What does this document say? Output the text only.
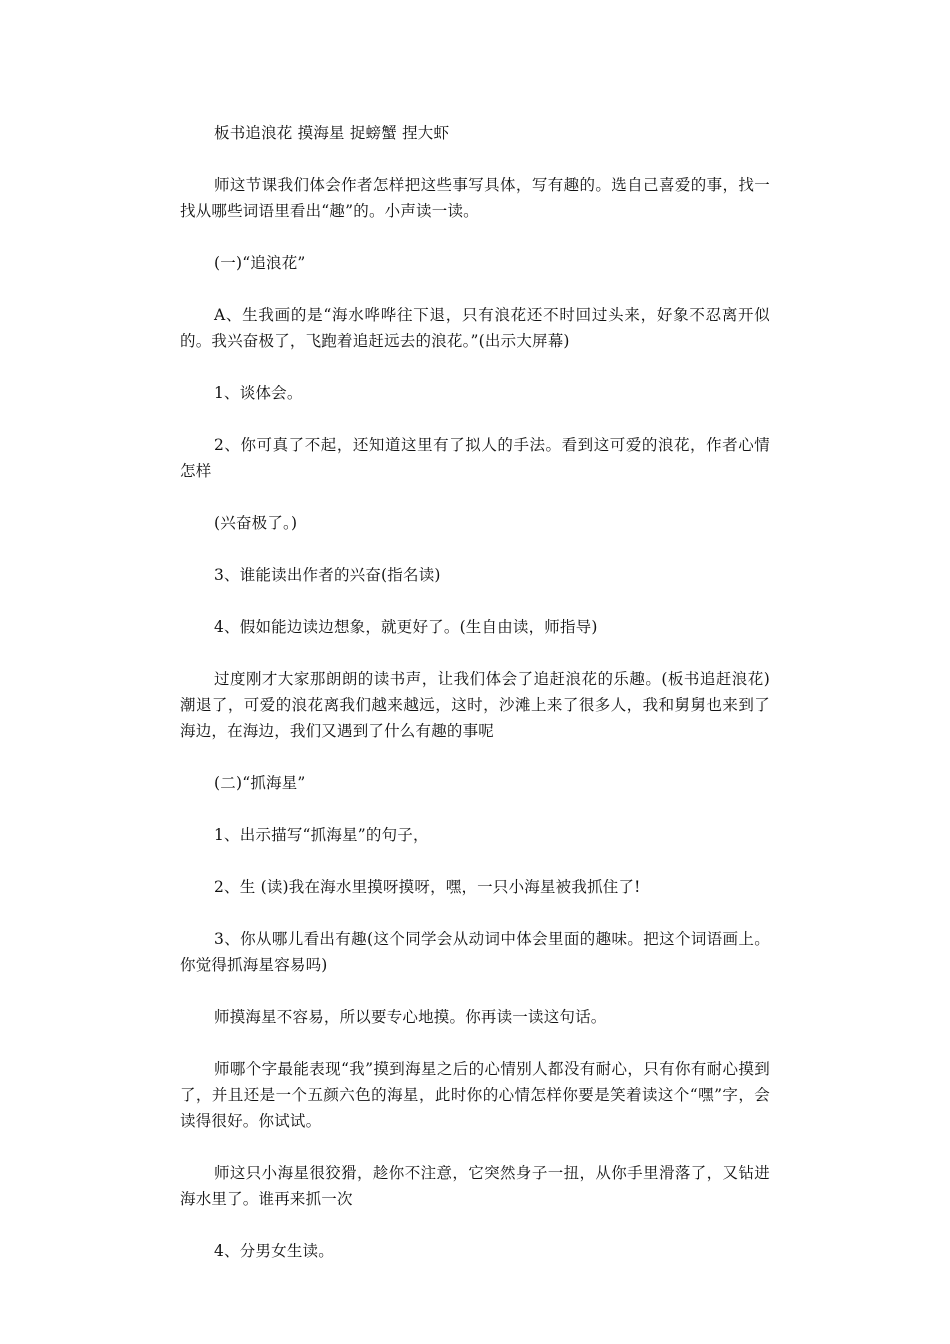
板书追浪花 摸海星 捉螃蟹 捏大虾

师这节课我们体会作者怎样把这些事写具体，写有趣的。选自己喜爱的事，找一找从哪些词语里看出“趣”的。小声读一读。

(一)“追浪花”

A、生我画的是“海水哗哗往下退，只有浪花还不时回过头来，好象不忍离开似的。我兴奋极了，飞跑着追赶远去的浪花。”(出示大屏幕)

1、谈体会。

2、你可真了不起，还知道这里有了拟人的手法。看到这可爱的浪花，作者心情怎样

(兴奋极了。)

3、谁能读出作者的兴奋(指名读)

4、假如能边读边想象，就更好了。(生自由读，师指导)

过度刚才大家那朗朗的读书声，让我们体会了追赶浪花的乐趣。(板书追赶浪花)潮退了，可爱的浪花离我们越来越远，这时，沙滩上来了很多人，我和舅舅也来到了海边，在海边，我们又遇到了什么有趣的事呢

(二)“抓海星”

1、出示描写“抓海星”的句子，

2、生 (读)我在海水里摸呀摸呀，嘿，一只小海星被我抓住了!

3、你从哪儿看出有趣(这个同学会从动词中体会里面的趣味。把这个词语画上。你觉得抓海星容易吗)

师摸海星不容易，所以要专心地摸。你再读一读这句话。

师哪个字最能表现“我”摸到海星之后的心情别人都没有耐心，只有你有耐心摸到了，并且还是一个五颜六色的海星，此时你的心情怎样你要是笑着读这个“嘿”字，会读得很好。你试试。

师这只小海星很狡猾，趁你不注意，它突然身子一扭，从你手里滑落了，又钻进海水里了。谁再来抓一次

4、分男女生读。
